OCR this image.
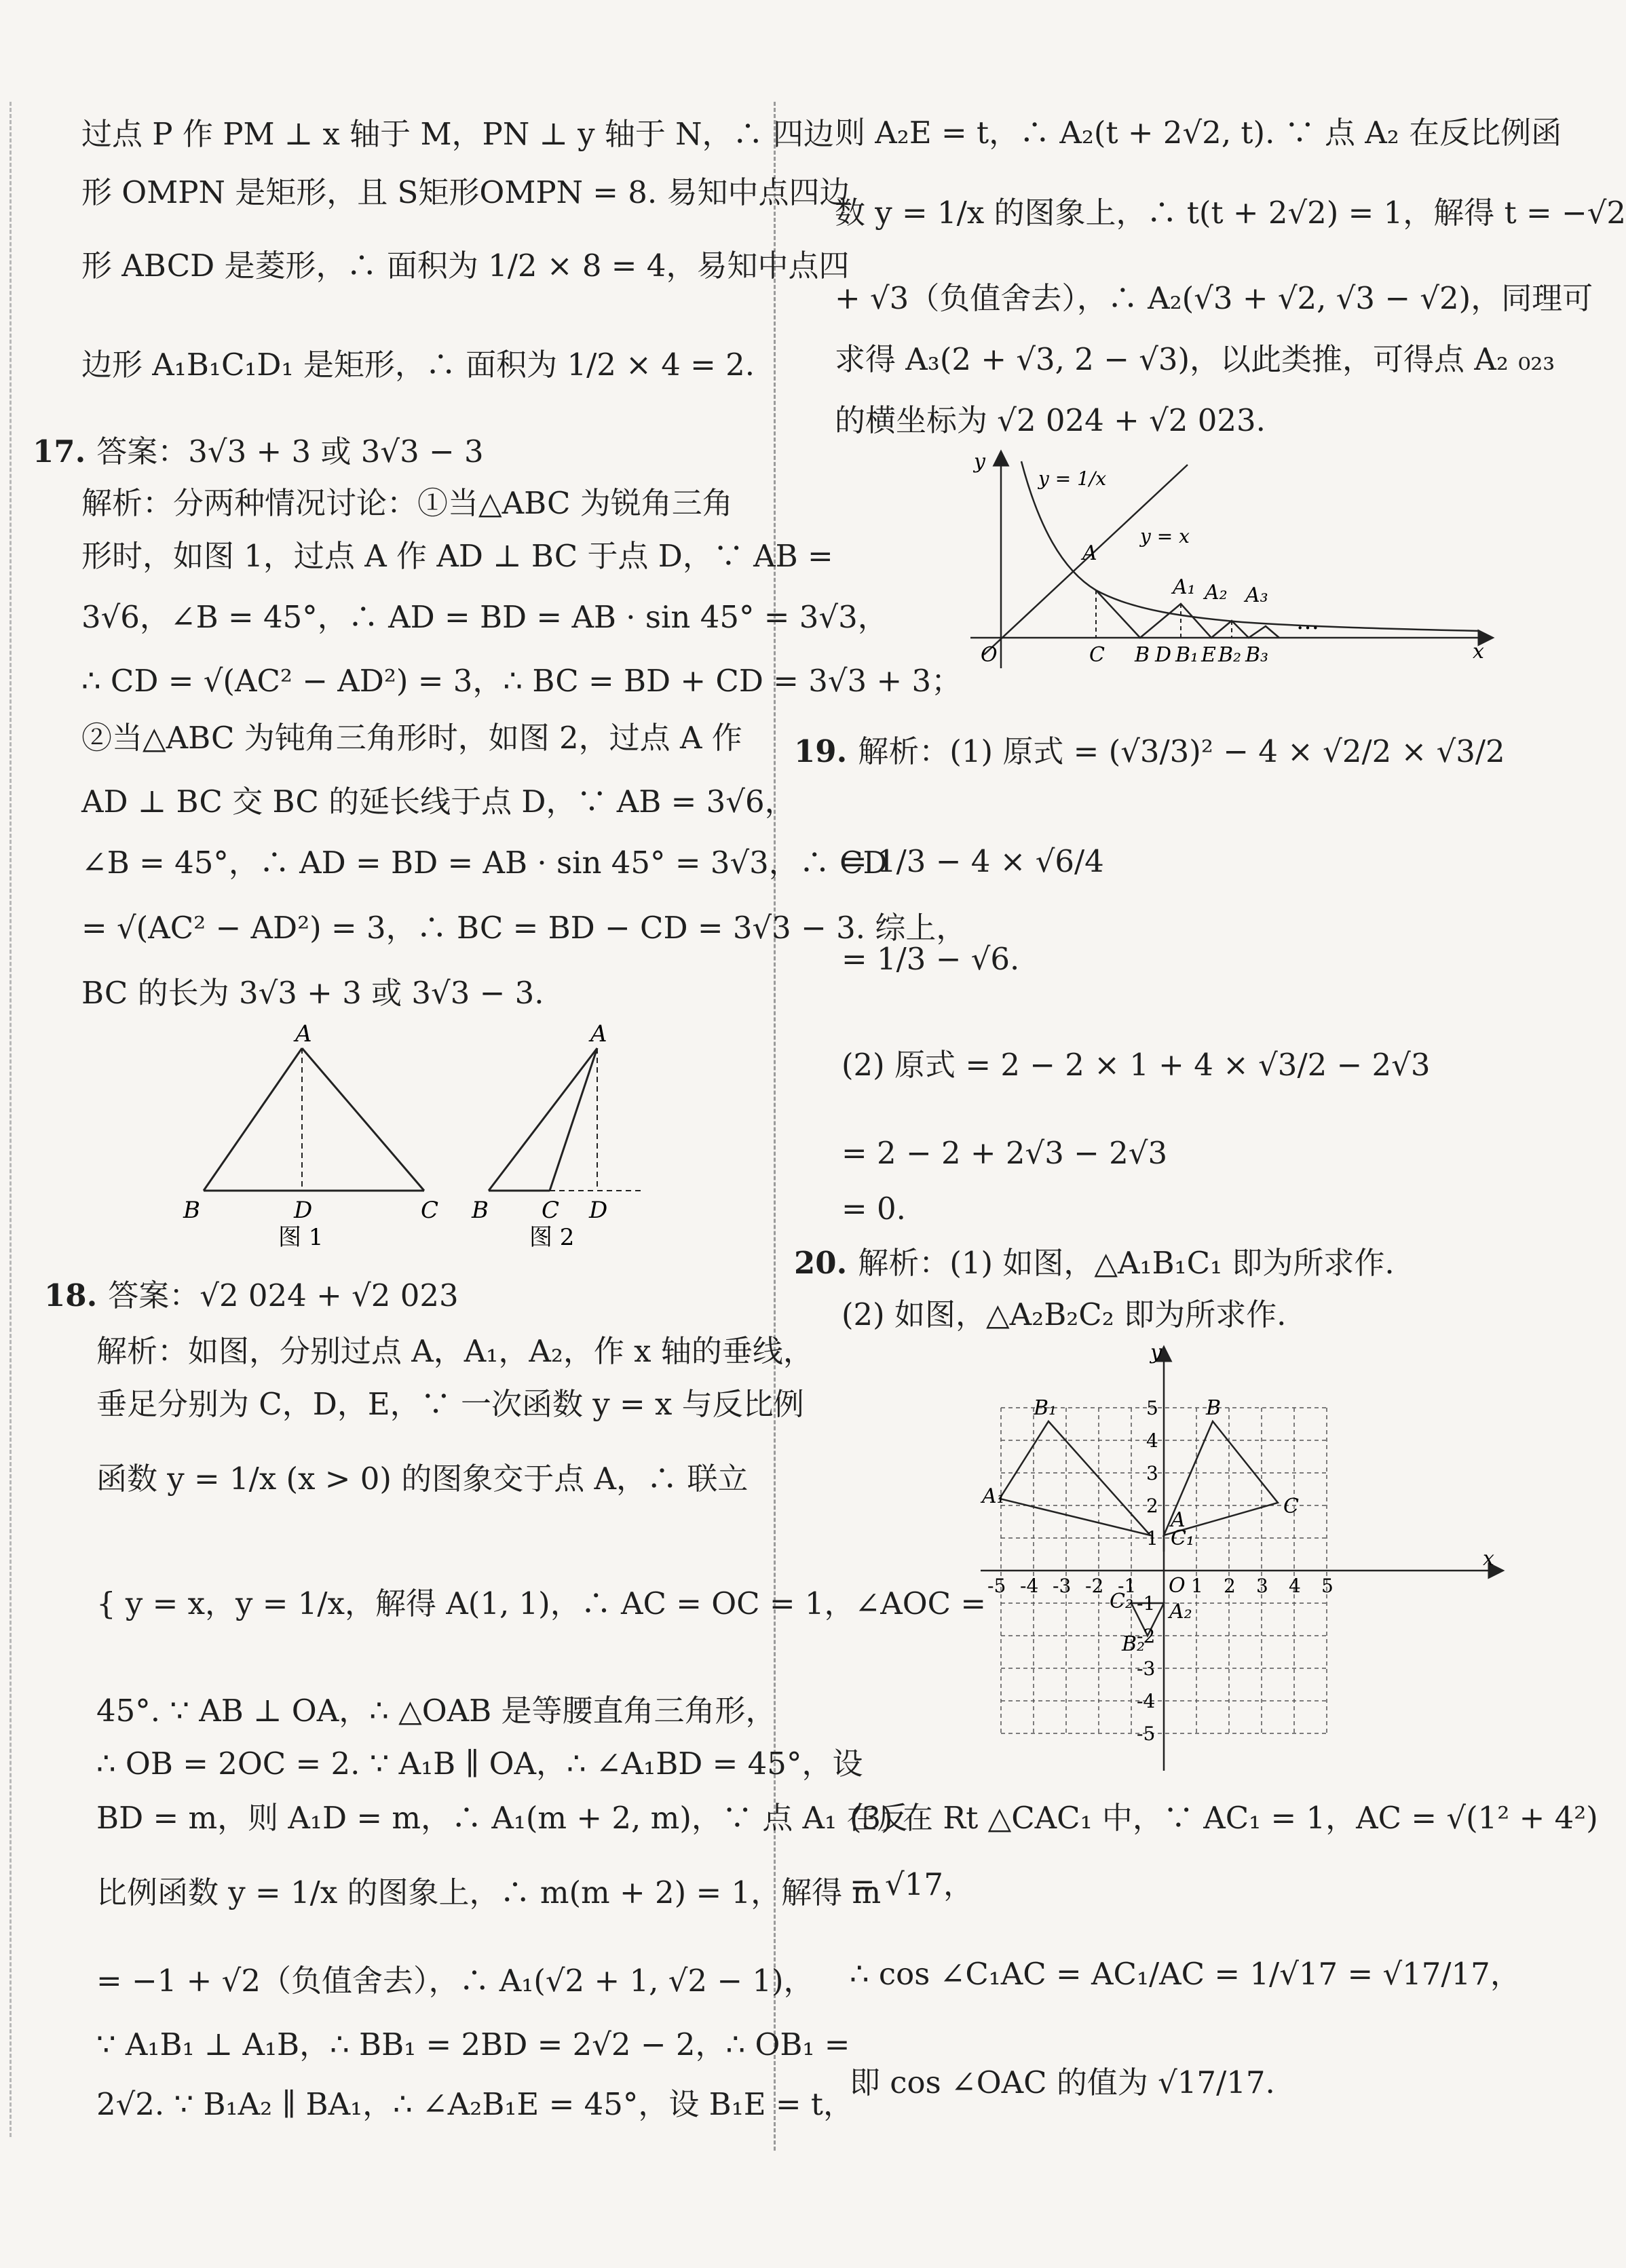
过点 P 作 PM ⊥ x 轴于 M，PN ⊥ y 轴于 N，∴ 四边
形 OMPN 是矩形，且 S矩形OMPN = 8. 易知中点四边
形 ABCD 是菱形，∴ 面积为 1/2 × 8 = 4，易知中点四
边形 A₁B₁C₁D₁ 是矩形，∴ 面积为 1/2 × 4 = 2.
17. 答案：3√3 + 3 或 3√3 − 3
解析：分两种情况讨论：①当△ABC 为锐角三角
形时，如图 1，过点 A 作 AD ⊥ BC 于点 D，∵ AB =
3√6，∠B = 45°，∴ AD = BD = AB · sin 45° = 3√3，
∴ CD = √(AC² − AD²) = 3，∴ BC = BD + CD = 3√3 + 3；
②当△ABC 为钝角三角形时，如图 2，过点 A 作
AD ⊥ BC 交 BC 的延长线于点 D，∵ AB = 3√6，
∠B = 45°，∴ AD = BD = AB · sin 45° = 3√3，∴ CD
= √(AC² − AD²) = 3，∴ BC = BD − CD = 3√3 − 3. 综上，
BC 的长为 3√3 + 3 或 3√3 − 3.
A
B	D	C
图 1
A
B C D
图 2
18. 答案：√2 024 + √2 023
解析：如图，分别过点 A，A₁，A₂，作 x 轴的垂线，
垂足分别为 C，D，E，∵ 一次函数 y = x 与反比例
函数 y = 1/x (x > 0) 的图象交于点 A，∴ 联立
{ y = x，y = 1/x，解得 A(1, 1)，∴ AC = OC = 1，∠AOC =
45°. ∵ AB ⊥ OA，∴ △OAB 是等腰直角三角形，
∴ OB = 2OC = 2. ∵ A₁B ∥ OA，∴ ∠A₁BD = 45°，设
BD = m，则 A₁D = m，∴ A₁(m + 2, m)，∵ 点 A₁ 在反
比例函数 y = 1/x 的图象上，∴ m(m + 2) = 1，解得 m
= −1 + √2（负值舍去），∴ A₁(√2 + 1, √2 − 1)，
∵ A₁B₁ ⊥ A₁B，∴ BB₁ = 2BD = 2√2 − 2，∴ OB₁ =
2√2. ∵ B₁A₂ ∥ BA₁，∴ ∠A₂B₁E = 45°，设 B₁E = t，
则 A₂E = t，∴ A₂(t + 2√2, t). ∵ 点 A₂ 在反比例函
数 y = 1/x 的图象上，∴ t(t + 2√2) = 1，解得 t = −√2
+ √3（负值舍去），∴ A₂(√3 + √2, √3 − √2)，同理可
求得 A₃(2 + √3, 2 − √3)，以此类推，可得点 A₂ ₀₂₃
的横坐标为 √2 024 + √2 023.
y
x
O
y = 1/x
y = x
A
A₁ A₂ A₃
C B D B₁ E B₂ B₃
…
19. 解析：(1) 原式 = (√3/3)² − 4 × √2/2 × √3/2
= 1/3 − 4 × √6/4
= 1/3 − √6.
(2) 原式 = 2 − 2 × 1 + 4 × √3/2 − 2√3
= 2 − 2 + 2√3 − 2√3
= 0.
20. 解析：(1) 如图，△A₁B₁C₁ 即为所求作.
(2) 如图，△A₂B₂C₂ 即为所求作.
y
x
O
-5 -4 -3 -2 -1	1 2 3 4 5
5
4
3
2
1
-1
-2
-3
-4
-5
A₁
B₁
C₁
A
B
C
A₂
B₂
C₂
(3) 在 Rt △CAC₁ 中，∵ AC₁ = 1，AC = √(1² + 4²)
= √17，
∴ cos ∠C₁AC = AC₁/AC = 1/√17 = √17/17，
即 cos ∠OAC 的值为 √17/17.
